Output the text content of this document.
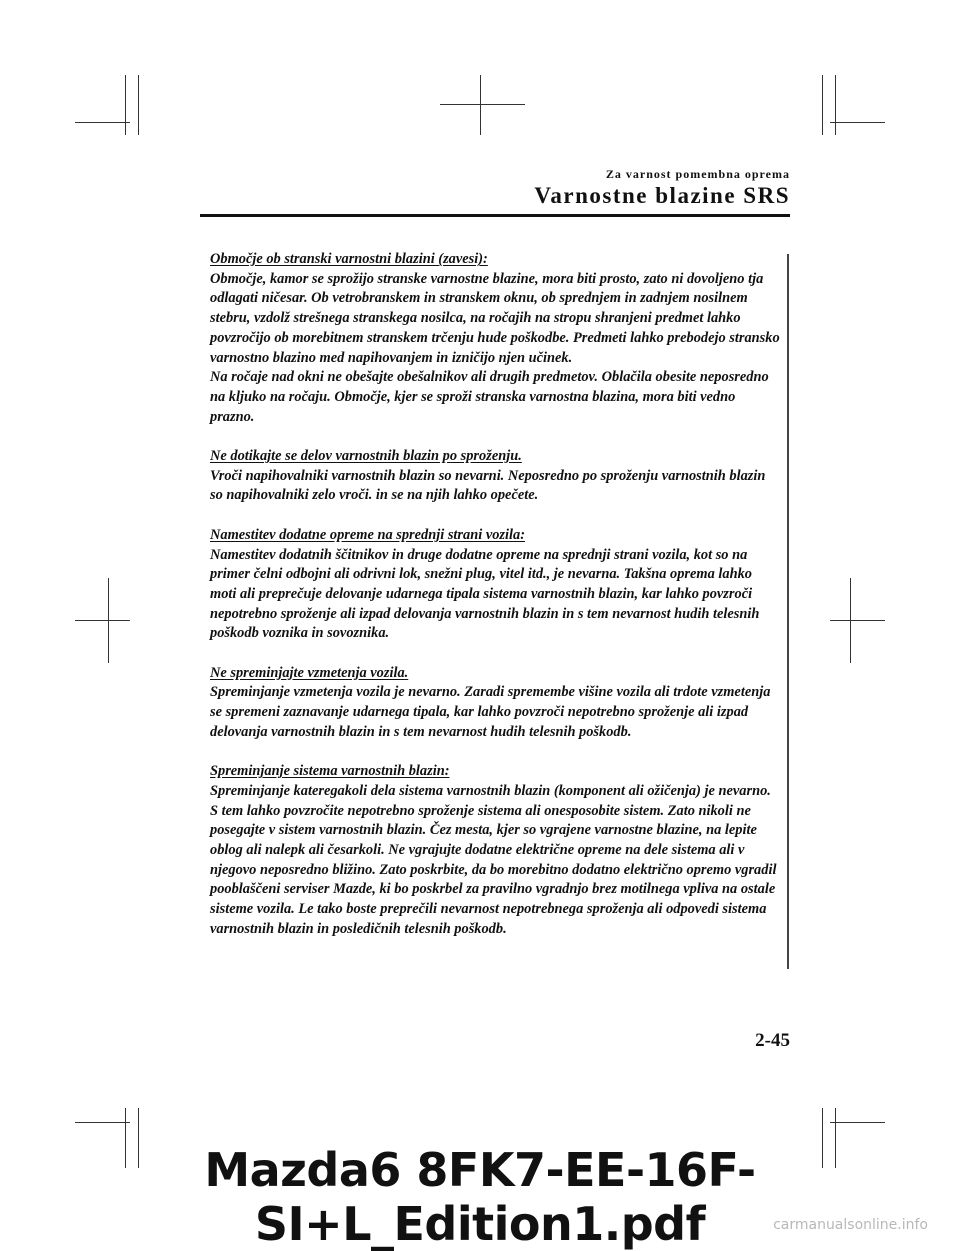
Za varnost pomembna oprema
Varnostne blazine SRS
Območje ob stranski varnostni blazini (zavesi):

Območje, kamor se sprožijo stranske varnostne blazine, mora biti prosto, zato ni dovoljeno tja odlagati ničesar. Ob vetrobranskem in stranskem oknu, ob sprednjem in zadnjem nosilnem stebru, vzdolž strešnega stranskega nosilca, na ročajih na stropu shranjeni predmet lahko povzročijo ob morebitnem stranskem trčenju hude poškodbe. Predmeti lahko prebodejo stransko varnostno blazino med napihovanjem in izničijo njen učinek.

Na ročaje nad okni ne obešajte obešalnikov ali drugih predmetov. Oblačila obesite neposredno na kljuko na ročaju. Območje, kjer se sproži stranska varnostna blazina, mora biti vedno prazno.

Ne dotikajte se delov varnostnih blazin po sproženju.

Vroči napihovalniki varnostnih blazin so nevarni. Neposredno po sproženju varnostnih blazin so napihovalniki zelo vroči. in se na njih lahko opečete.

Namestitev dodatne opreme na sprednji strani vozila:

Namestitev dodatnih ščitnikov in druge dodatne opreme na sprednji strani vozila, kot so na primer čelni odbojni ali odrivni lok, snežni plug, vitel itd., je nevarna. Takšna oprema lahko moti ali preprečuje delovanje udarnega tipala sistema varnostnih blazin, kar lahko povzroči nepotrebno sproženje ali izpad delovanja varnostnih blazin in s tem nevarnost hudih telesnih poškodb voznika in sovoznika.

Ne spreminjajte vzmetenja vozila.

Spreminjanje vzmetenja vozila je nevarno. Zaradi spremembe višine vozila ali trdote vzmetenja se spremeni zaznavanje udarnega tipala, kar lahko povzroči nepotrebno sproženje ali izpad delovanja varnostnih blazin in s tem nevarnost hudih telesnih poškodb.

Spreminjanje sistema varnostnih blazin:

Spreminjanje kateregakoli dela sistema varnostnih blazin (komponent ali ožičenja) je nevarno. S tem lahko povzročite nepotrebno sproženje sistema ali onesposobite sistem. Zato nikoli ne posegajte v sistem varnostnih blazin. Čez mesta, kjer so vgrajene varnostne blazine, na lepite oblog ali nalepk ali česarkoli. Ne vgrajujte dodatne električne opreme na dele sistema ali v njegovo neposredno bližino. Zato poskrbite, da bo morebitno dodatno električno opremo vgradil pooblaščeni serviser Mazde, ki bo poskrbel za pravilno vgradnjo brez motilnega vpliva na ostale sisteme vozila. Le tako boste preprečili nevarnost nepotrebnega sproženja ali odpovedi sistema varnostnih blazin in posledičnih telesnih poškodb.

2-45
Mazda6 8FK7-EE-16F-SI+L_Edition1.pdf	carmanualsonline.info
